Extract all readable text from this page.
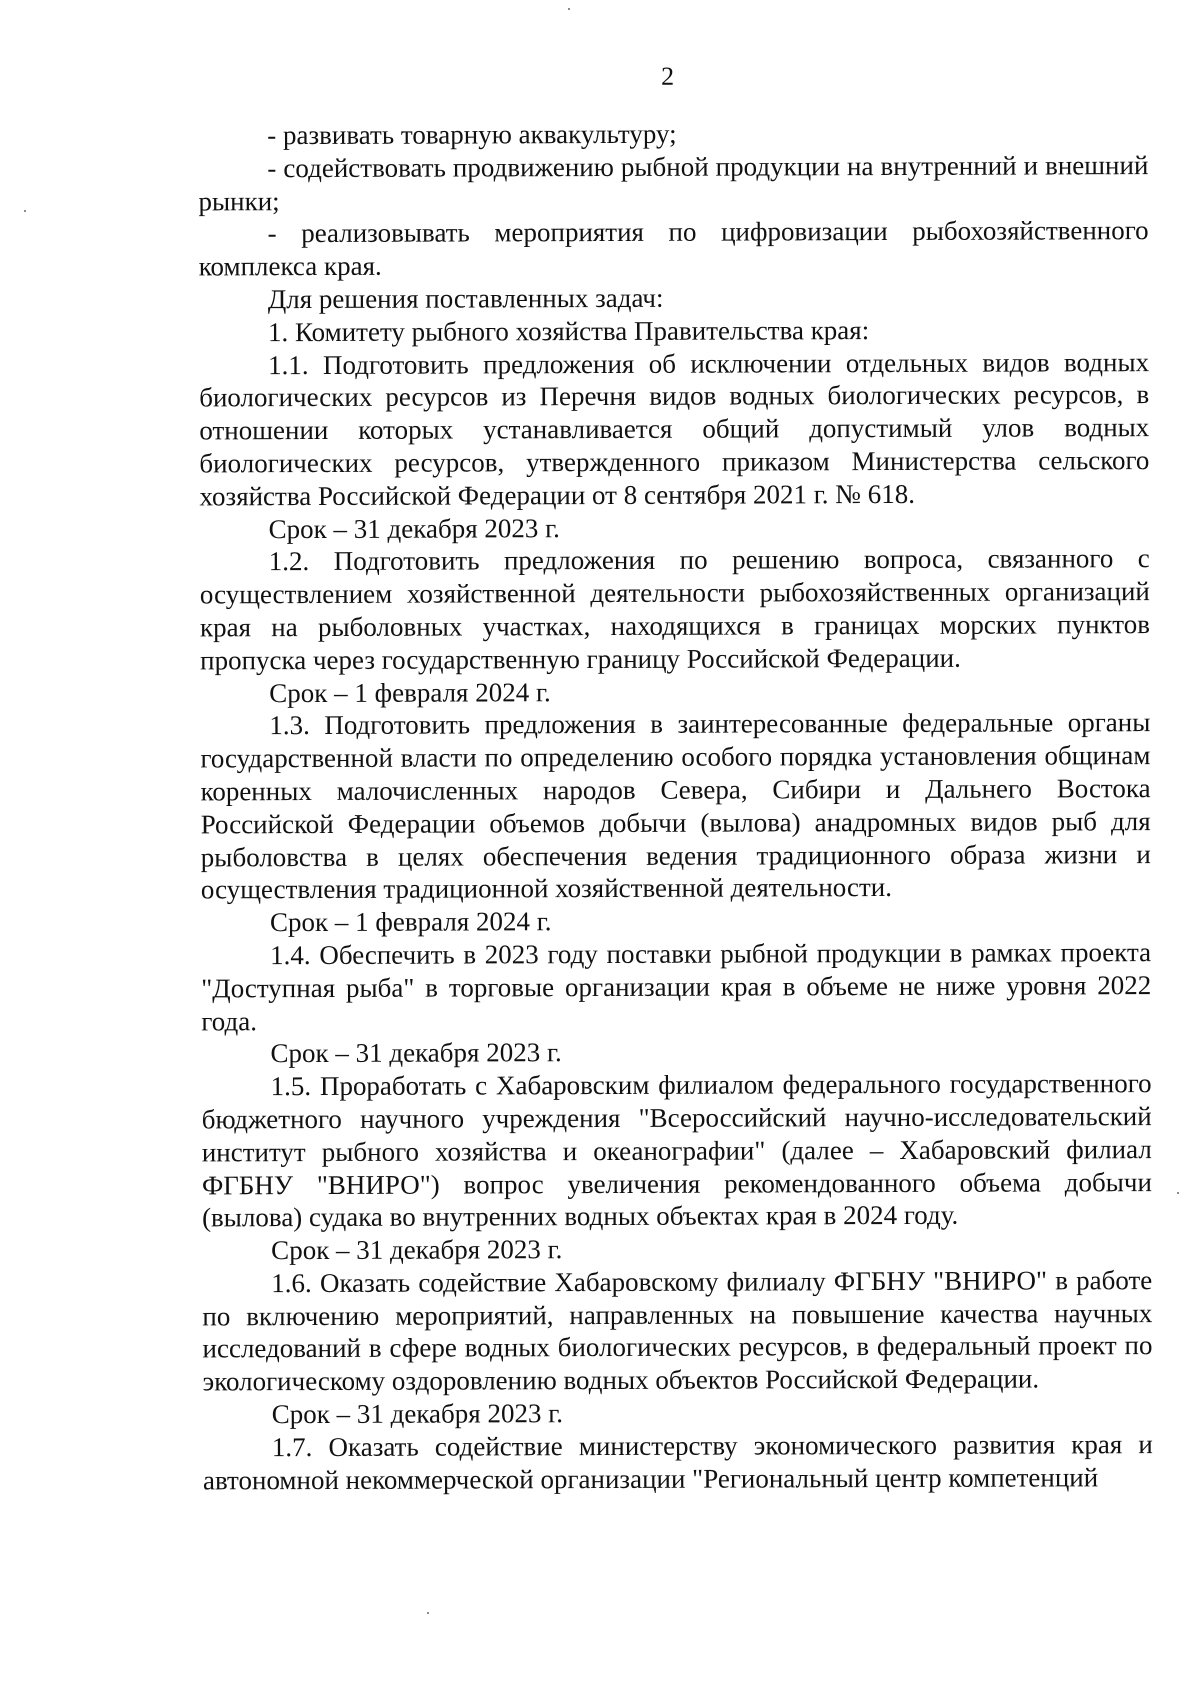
2

- развивать товарную аквакультуру;

- содействовать продвижению рыбной продукции на внутренний и внешний рынки;

- реализовывать мероприятия по цифровизации рыбохозяйственного комплекса края.

Для решения поставленных задач:

1. Комитету рыбного хозяйства Правительства края:

1.1. Подготовить предложения об исключении отдельных видов водных биологических ресурсов из Перечня видов водных биологических ресурсов, в отношении которых устанавливается общий допустимый улов водных биологических ресурсов, утвержденного приказом Министерства сельского хозяйства Российской Федерации от 8 сентября 2021 г. № 618.

Срок – 31 декабря 2023 г.

1.2. Подготовить предложения по решению вопроса, связанного с осуществлением хозяйственной деятельности рыбохозяйственных организаций края на рыболовных участках, находящихся в границах морских пунктов пропуска через государственную границу Российской Федерации.

Срок – 1 февраля 2024 г.

1.3. Подготовить предложения в заинтересованные федеральные органы государственной власти по определению особого порядка установления общинам коренных малочисленных народов Севера, Сибири и Дальнего Востока Российской Федерации объемов добычи (вылова) анадромных видов рыб для рыболовства в целях обеспечения ведения традиционного образа жизни и осуществления традиционной хозяйственной деятельности.

Срок – 1 февраля 2024 г.

1.4. Обеспечить в 2023 году поставки рыбной продукции в рамках проекта "Доступная рыба" в торговые организации края в объеме не ниже уровня 2022 года.

Срок – 31 декабря 2023 г.

1.5. Проработать с Хабаровским филиалом федерального государственного бюджетного научного учреждения "Всероссийский научно-исследовательский институт рыбного хозяйства и океанографии" (далее – Хабаровский филиал ФГБНУ "ВНИРО") вопрос увеличения рекомендованного объема добычи (вылова) судака во внутренних водных объектах края в 2024 году.

Срок – 31 декабря 2023 г.

1.6. Оказать содействие Хабаровскому филиалу ФГБНУ "ВНИРО" в работе по включению мероприятий, направленных на повышение качества научных исследований в сфере водных биологических ресурсов, в федеральный проект по экологическому оздоровлению водных объектов Российской Федерации.

Срок – 31 декабря 2023 г.

1.7. Оказать содействие министерству экономического развития края и автономной некоммерческой организации "Региональный центр компетенций
